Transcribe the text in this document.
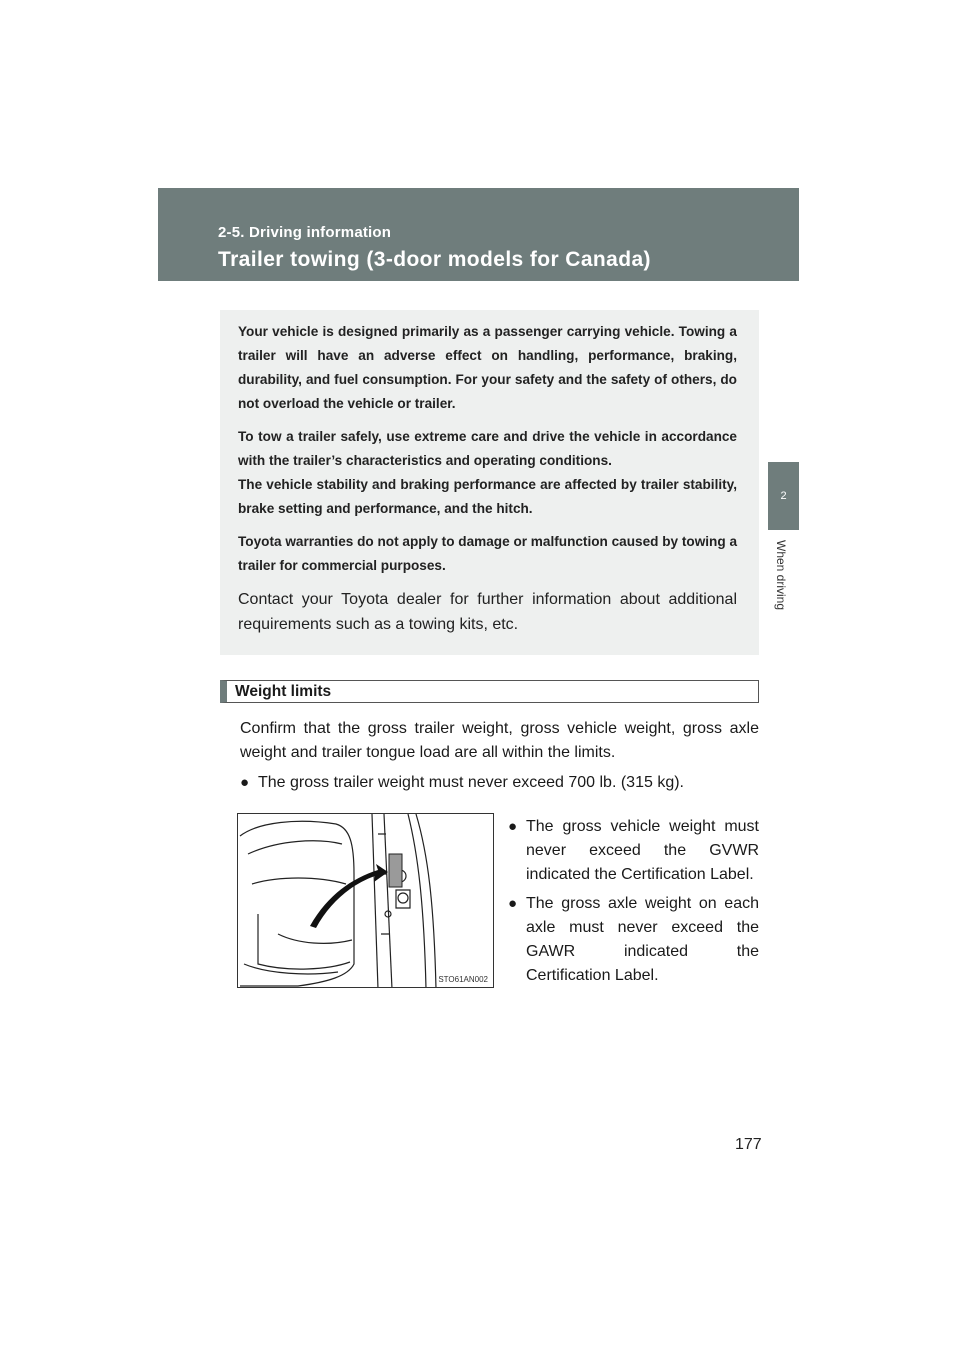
2-5. Driving information
Trailer towing (3-door models for Canada)
2
When driving

Your vehicle is designed primarily as a passenger carrying vehicle. Towing a trailer will have an adverse effect on handling, performance, braking, durability, and fuel consumption. For your safety and the safety of others, do not overload the vehicle or trailer.

To tow a trailer safely, use extreme care and drive the vehicle in accordance with the trailer’s characteristics and operating conditions.

The vehicle stability and braking performance are affected by trailer stability, brake setting and performance, and the hitch.

Toyota warranties do not apply to damage or malfunction caused by towing a trailer for commercial purposes.

Contact your Toyota dealer for further information about additional requirements such as a towing kits, etc.

Weight limits

Confirm that the gross trailer weight, gross vehicle weight, gross axle weight and trailer tongue load are all within the limits.

● The gross trailer weight must never exceed 700 lb. (315 kg).
STO61AN002
● The gross vehicle weight must never exceed the GVWR indicated the Certification Label.
● The gross axle weight on each axle must never exceed the GAWR indicated the Certification Label.
177
